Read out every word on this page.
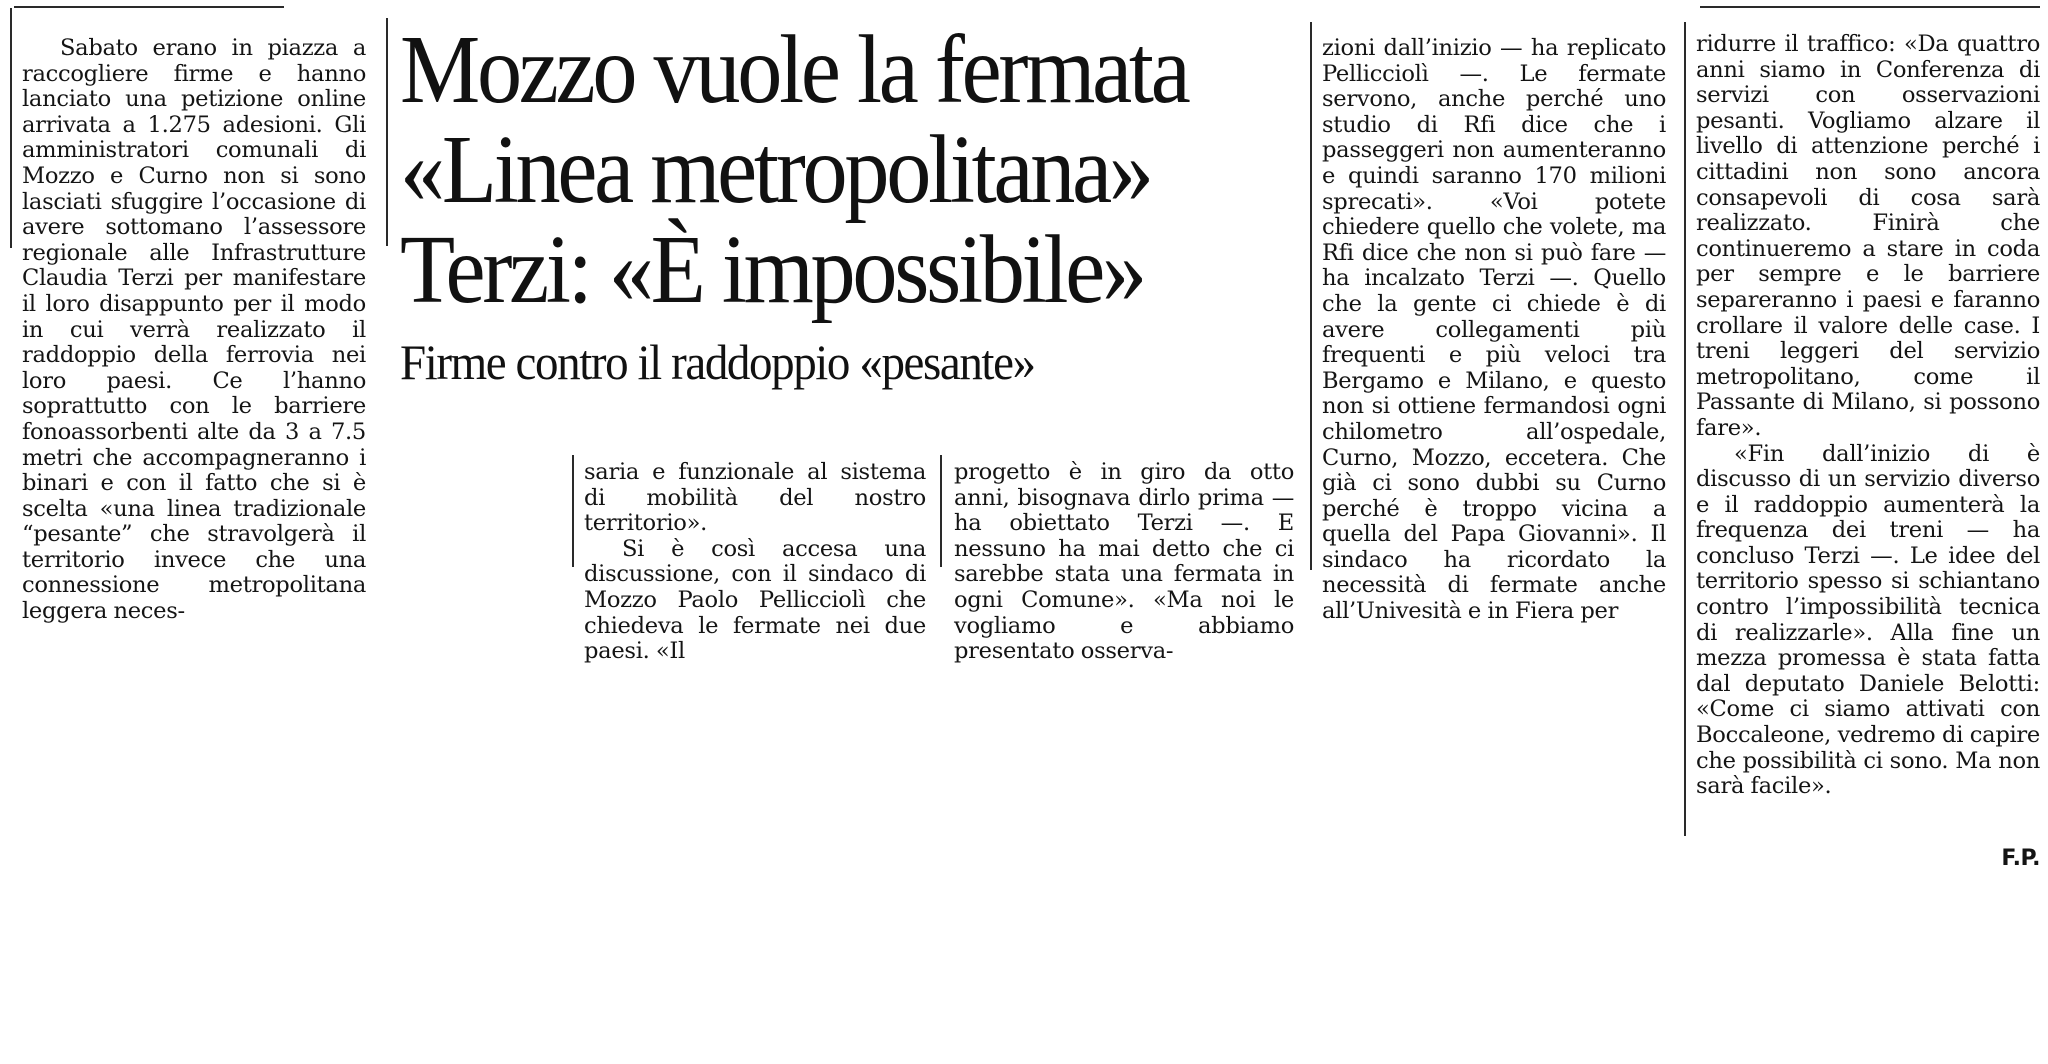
Sabato erano in piazza a raccogliere firme e hanno lanciato una petizione online arrivata a 1.275 adesioni. Gli amministratori comunali di Mozzo e Curno non si sono lasciati sfuggire l’occasione di avere sottomano l’assessore regionale alle Infrastrutture Claudia Terzi per manifestare il loro disappunto per il modo in cui verrà realizzato il raddoppio della ferrovia nei loro paesi. Ce l’hanno soprattutto con le barriere fonoassorbenti alte da 3 a 7.5 metri che accompagneranno i binari e con il fatto che si è scelta «una linea tradizionale “pesante” che stravolgerà il territorio invece che una connessione metropolitana leggera neces-

Mozzo vuole la fermata
«Linea metropolitana»
Terzi: «È impossibile»
Firme contro il raddoppio «pesante»

saria e funzionale al sistema di mobilità del nostro territorio».

Si è così accesa una discussione, con il sindaco di Mozzo Paolo Pellicciolì che chiedeva le fermate nei due paesi. «Il

progetto è in giro da otto anni, bisognava dirlo prima — ha obiettato Terzi —. E nessuno ha mai detto che ci sarebbe stata una fermata in ogni Comune». «Ma noi le vogliamo e abbiamo presentato osserva-

zioni dall’inizio — ha replicato Pellicciolì —. Le fermate servono, anche perché uno studio di Rfi dice che i passeggeri non aumenteranno e quindi saranno 170 milioni sprecati». «Voi potete chiedere quello che volete, ma Rfi dice che non si può fare — ha incalzato Terzi —. Quello che la gente ci chiede è di avere collegamenti più frequenti e più veloci tra Bergamo e Milano, e questo non si ottiene fermandosi ogni chilometro all’ospedale, Curno, Mozzo, eccetera. Che già ci sono dubbi su Curno perché è troppo vicina a quella del Papa Giovanni». Il sindaco ha ricordato la necessità di fermate anche all’Univesità e in Fiera per

ridurre il traffico: «Da quattro anni siamo in Conferenza di servizi con osservazioni pesanti. Vogliamo alzare il livello di attenzione perché i cittadini non sono ancora consapevoli di cosa sarà realizzato. Finirà che continueremo a stare in coda per sempre e le barriere separeranno i paesi e faranno crollare il valore delle case. I treni leggeri del servizio metropolitano, come il Passante di Milano, si possono fare».

«Fin dall’inizio di è discusso di un servizio diverso e il raddoppio aumenterà la frequenza dei treni — ha concluso Terzi —. Le idee del territorio spesso si schiantano contro l’impossibilità tecnica di realizzarle». Alla fine un mezza promessa è stata fatta dal deputato Daniele Belotti: «Come ci siamo attivati con Boccaleone, vedremo di capire che possibilità ci sono. Ma non sarà facile».

F.P.
